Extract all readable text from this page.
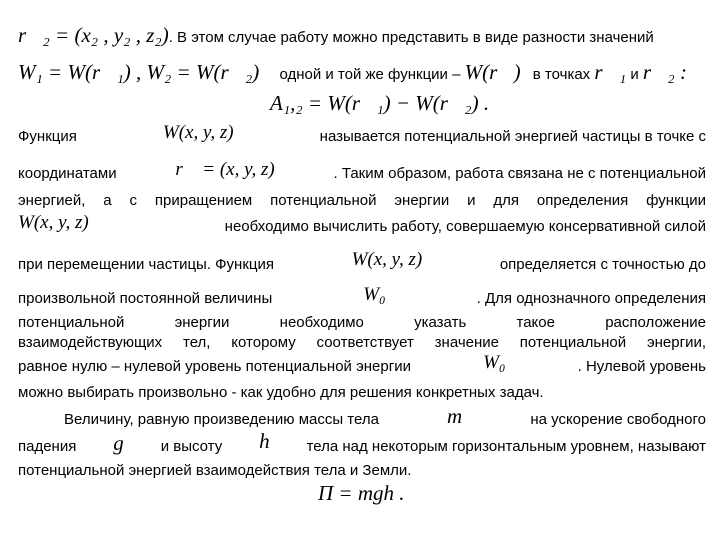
r⃗₂ = (x₂ , y₂ , z₂). В этом случае работу можно представить в виде разности значений
W₁ = W(r⃗₁) , W₂ = W(r⃗₂) одной и той же функции – W(r⃗) в точках r⃗₁ и r⃗₂ :
A₁,₂ = W(r⃗₁) − W(r⃗₂) .
Функция	W(x, y, z)	называется потенциальной энергией частицы в точке с
координатами	r⃗ = (x, y, z)	. Таким образом, работа связана не с потенциальной
энергией, а с приращением потенциальной энергии и для определения функции
W(x, y, z)	необходимо вычислить работу, совершаемую консервативной силой
при перемещении частицы. Функция	W(x, y, z)	определяется с точностью до
произвольной постоянной величины	W₀	. Для однозначного определения
потенциальной энергии необходимо указать такое расположение
взаимодействующих тел, которому соответствует значение потенциальной энергии,
равное нулю – нулевой уровень потенциальной энергии	W₀	. Нулевой уровень
можно выбирать произвольно - как удобно для решения конкретных задач.
Величину, равную произведению массы тела	m	на ускорение свободного
падения g и высоту h тела над некоторым горизонтальным уровнем, называют
потенциальной энергией взаимодействия тела и Земли.
П = mgh .
